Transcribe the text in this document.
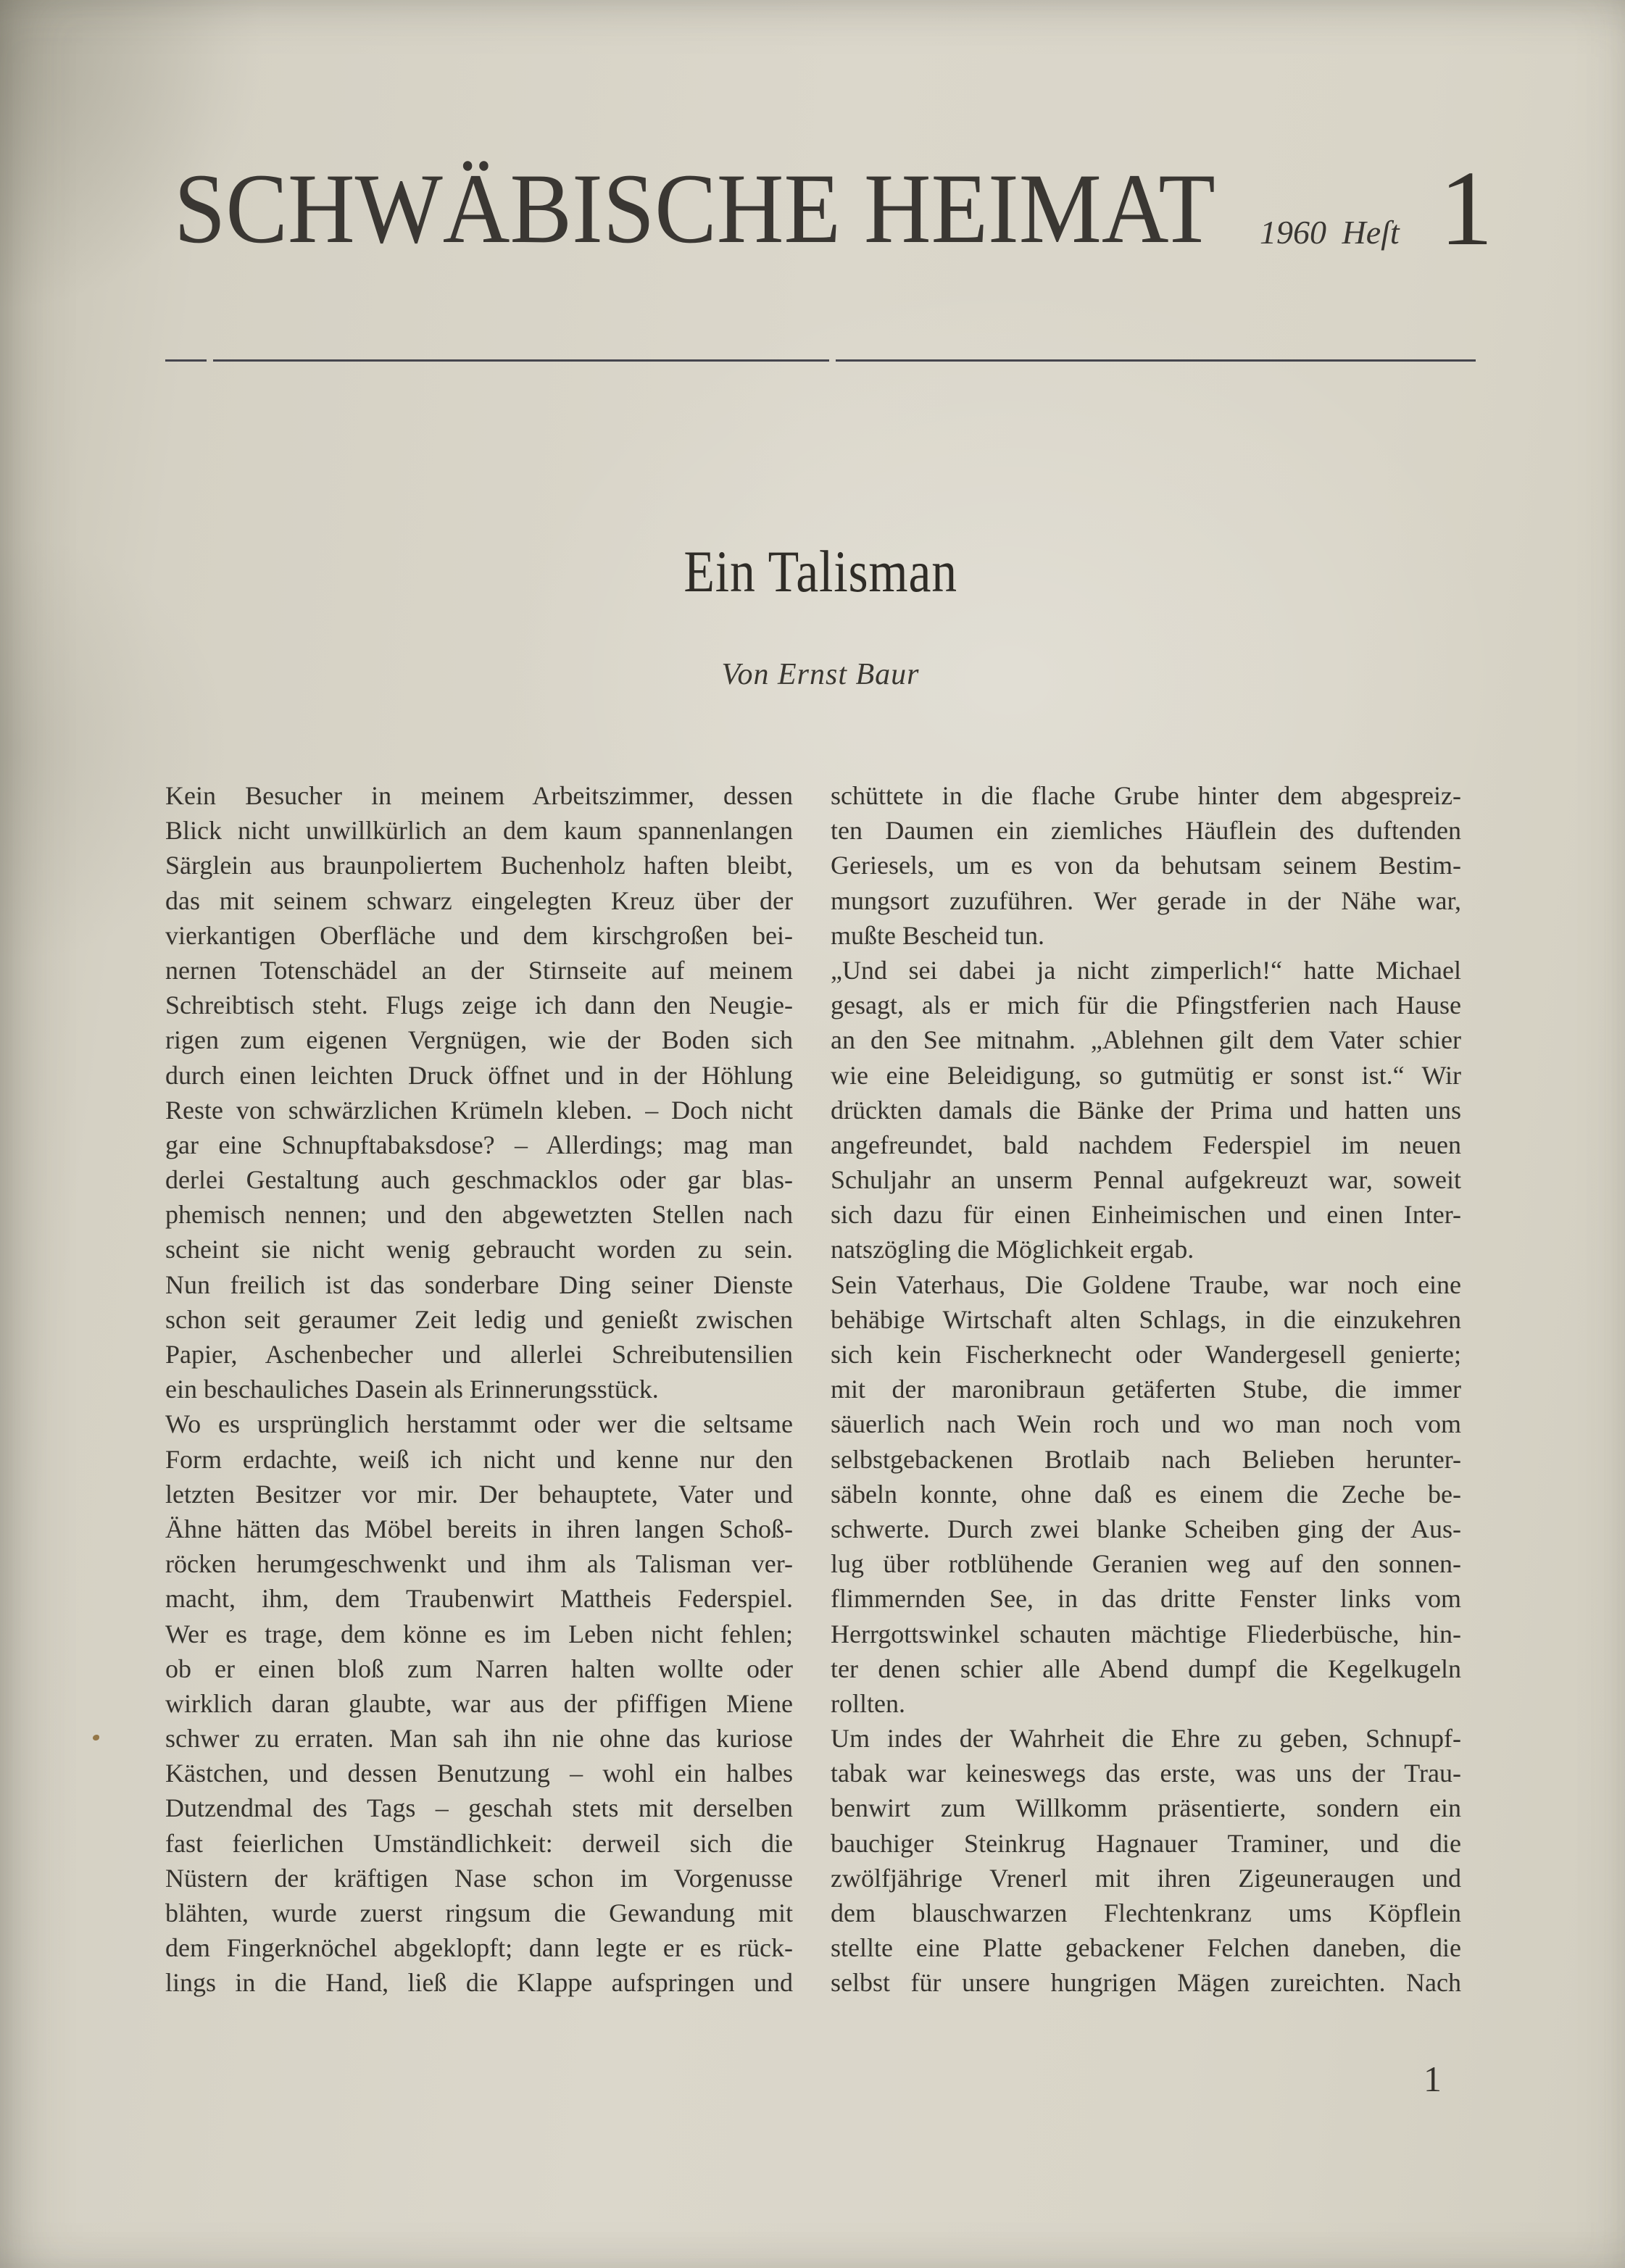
SCHWÄBISCHE HEIMAT	1960 Heſt 1
Ein Talisman
Von Ernst Baur
Kein Besucher in meinem Arbeitszimmer, dessen
Blick nicht unwillkürlich an dem kaum spannenlangen
Särglein aus braunpoliertem Buchenholz haften bleibt,
das mit seinem schwarz eingelegten Kreuz über der
vierkantigen Oberfläche und dem kirschgroßen bei-
nernen Totenschädel an der Stirnseite auf meinem
Schreibtisch steht. Flugs zeige ich dann den Neugie-
rigen zum eigenen Vergnügen, wie der Boden sich
durch einen leichten Druck öffnet und in der Höhlung
Reste von schwärzlichen Krümeln kleben. – Doch nicht
gar eine Schnupftabaksdose? – Allerdings; mag man
derlei Gestaltung auch geschmacklos oder gar blas-
phemisch nennen; und den abgewetzten Stellen nach
scheint sie nicht wenig gebraucht worden zu sein.
Nun freilich ist das sonderbare Ding seiner Dienste
schon seit geraumer Zeit ledig und genießt zwischen
Papier, Aschenbecher und allerlei Schreibutensilien
ein beschauliches Dasein als Erinnerungsstück.
Wo es ursprünglich herstammt oder wer die seltsame
Form erdachte, weiß ich nicht und kenne nur den
letzten Besitzer vor mir. Der behauptete, Vater und
Ähne hätten das Möbel bereits in ihren langen Schoß-
röcken herumgeschwenkt und ihm als Talisman ver-
macht, ihm, dem Traubenwirt Mattheis Federspiel.
Wer es trage, dem könne es im Leben nicht fehlen;
ob er einen bloß zum Narren halten wollte oder
wirklich daran glaubte, war aus der pfiffigen Miene
schwer zu erraten. Man sah ihn nie ohne das kuriose
Kästchen, und dessen Benutzung – wohl ein halbes
Dutzendmal des Tags – geschah stets mit derselben
fast feierlichen Umständlichkeit: derweil sich die
Nüstern der kräftigen Nase schon im Vorgenusse
blähten, wurde zuerst ringsum die Gewandung mit
dem Fingerknöchel abgeklopft; dann legte er es rück-
lings in die Hand, ließ die Klappe aufspringen und
schüttete in die flache Grube hinter dem abgespreiz-
ten Daumen ein ziemliches Häuflein des duftenden
Geriesels, um es von da behutsam seinem Bestim-
mungsort zuzuführen. Wer gerade in der Nähe war,
mußte Bescheid tun.
„Und sei dabei ja nicht zimperlich!“ hatte Michael
gesagt, als er mich für die Pfingstferien nach Hause
an den See mitnahm. „Ablehnen gilt dem Vater schier
wie eine Beleidigung, so gutmütig er sonst ist.“ Wir
drückten damals die Bänke der Prima und hatten uns
angefreundet, bald nachdem Federspiel im neuen
Schuljahr an unserm Pennal aufgekreuzt war, soweit
sich dazu für einen Einheimischen und einen Inter-
natszögling die Möglichkeit ergab.
Sein Vaterhaus, Die Goldene Traube, war noch eine
behäbige Wirtschaft alten Schlags, in die einzukehren
sich kein Fischerknecht oder Wandergesell genierte;
mit der maronibraun getäferten Stube, die immer
säuerlich nach Wein roch und wo man noch vom
selbstgebackenen Brotlaib nach Belieben herunter-
säbeln konnte, ohne daß es einem die Zeche be-
schwerte. Durch zwei blanke Scheiben ging der Aus-
lug über rotblühende Geranien weg auf den sonnen-
flimmernden See, in das dritte Fenster links vom
Herrgottswinkel schauten mächtige Fliederbüsche, hin-
ter denen schier alle Abend dumpf die Kegelkugeln
rollten.
Um indes der Wahrheit die Ehre zu geben, Schnupf-
tabak war keineswegs das erste, was uns der Trau-
benwirt zum Willkomm präsentierte, sondern ein
bauchiger Steinkrug Hagnauer Traminer, und die
zwölfjährige Vrenerl mit ihren Zigeuneraugen und
dem blauschwarzen Flechtenkranz ums Köpflein
stellte eine Platte gebackener Felchen daneben, die
selbst für unsere hungrigen Mägen zureichten. Nach
1
